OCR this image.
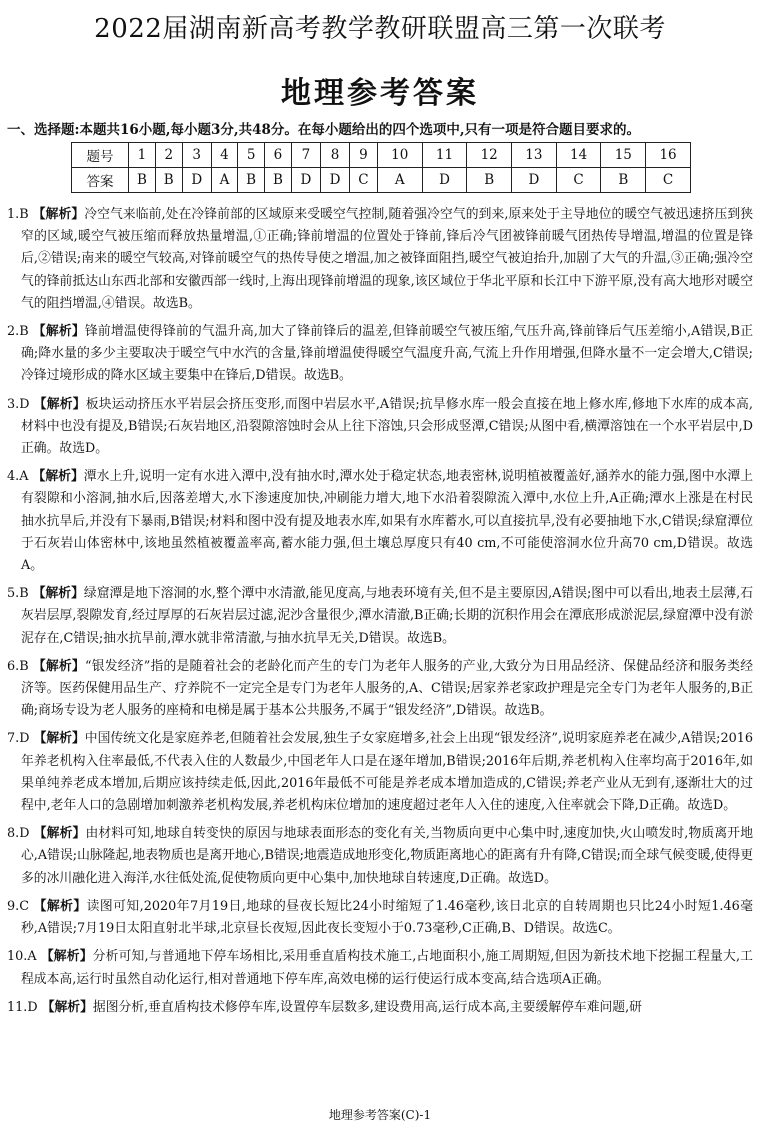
2022届湖南新高考教学教研联盟高三第一次联考
地理参考答案
一、选择题:本题共16小题,每小题3分,共48分。在每小题给出的四个选项中,只有一项是符合题目要求的。
题号	1	2	3	4	5	6	7	8	9	10	11	12	13	14	15	16
答案	B	B	D	A	B	B	D	D	C	A	D	B	D	C	B	C
1.B 【解析】冷空气来临前,处在冷锋前部的区域原来受暖空气控制,随着强冷空气的到来,原来处于主导地位的暖空气被迅速挤压到狭窄的区域,暖空气被压缩而释放热量增温,①正确;锋前增温的位置处于锋前,锋后冷气团被锋前暖气团热传导增温,增温的位置是锋后,②错误;南来的暖空气较高,对锋前暖空气的热传导使之增温,加之被锋面阻挡,暖空气被迫抬升,加剧了大气的升温,③正确;强冷空气的锋前抵达山东西北部和安徽西部一线时,上海出现锋前增温的现象,该区域位于华北平原和长江中下游平原,没有高大地形对暖空气的阻挡增温,④错误。故选B。
2.B 【解析】锋前增温使得锋前的气温升高,加大了锋前锋后的温差,但锋前暖空气被压缩,气压升高,锋前锋后气压差缩小,A错误,B正确;降水量的多少主要取决于暖空气中水汽的含量,锋前增温使得暖空气温度升高,气流上升作用增强,但降水量不一定会增大,C错误;冷锋过境形成的降水区域主要集中在锋后,D错误。故选B。
3.D 【解析】板块运动挤压水平岩层会挤压变形,而图中岩层水平,A错误;抗旱修水库一般会直接在地上修水库,修地下水库的成本高,材料中也没有提及,B错误;石灰岩地区,沿裂隙溶蚀时会从上往下溶蚀,只会形成竖潭,C错误;从图中看,横潭溶蚀在一个水平岩层中,D正确。故选D。
4.A 【解析】潭水上升,说明一定有水进入潭中,没有抽水时,潭水处于稳定状态,地表密林,说明植被覆盖好,涵养水的能力强,图中水潭上有裂隙和小溶洞,抽水后,因落差增大,水下渗速度加快,冲刷能力增大,地下水沿着裂隙流入潭中,水位上升,A正确;潭水上涨是在村民抽水抗旱后,并没有下暴雨,B错误;材料和图中没有提及地表水库,如果有水库蓄水,可以直接抗旱,没有必要抽地下水,C错误;绿窟潭位于石灰岩山体密林中,该地虽然植被覆盖率高,蓄水能力强,但土壤总厚度只有40 cm,不可能使溶洞水位升高70 cm,D错误。故选A。
5.B 【解析】绿窟潭是地下溶洞的水,整个潭中水清澈,能见度高,与地表环境有关,但不是主要原因,A错误;图中可以看出,地表土层薄,石灰岩层厚,裂隙发育,经过厚厚的石灰岩层过滤,泥沙含量很少,潭水清澈,B正确;长期的沉积作用会在潭底形成淤泥层,绿窟潭中没有淤泥存在,C错误;抽水抗旱前,潭水就非常清澈,与抽水抗旱无关,D错误。故选B。
6.B 【解析】“银发经济”指的是随着社会的老龄化而产生的专门为老年人服务的产业,大致分为日用品经济、保健品经济和服务类经济等。医药保健用品生产、疗养院不一定完全是专门为老年人服务的,A、C错误;居家养老家政护理是完全专门为老年人服务的,B正确;商场专设为老人服务的座椅和电梯是属于基本公共服务,不属于“银发经济”,D错误。故选B。
7.D 【解析】中国传统文化是家庭养老,但随着社会发展,独生子女家庭增多,社会上出现“银发经济”,说明家庭养老在减少,A错误;2016年养老机构入住率最低,不代表入住的人数最少,中国老年人口是在逐年增加,B错误;2016年后期,养老机构入住率均高于2016年,如果单纯养老成本增加,后期应该持续走低,因此,2016年最低不可能是养老成本增加造成的,C错误;养老产业从无到有,逐渐壮大的过程中,老年人口的急剧增加刺激养老机构发展,养老机构床位增加的速度超过老年人入住的速度,入住率就会下降,D正确。故选D。
8.D 【解析】由材料可知,地球自转变快的原因与地球表面形态的变化有关,当物质向更中心集中时,速度加快,火山喷发时,物质离开地心,A错误;山脉隆起,地表物质也是离开地心,B错误;地震造成地形变化,物质距离地心的距离有升有降,C错误;而全球气候变暖,使得更多的冰川融化进入海洋,水往低处流,促使物质向更中心集中,加快地球自转速度,D正确。故选D。
9.C 【解析】读图可知,2020年7月19日,地球的昼夜长短比24小时缩短了1.46毫秒,该日北京的自转周期也只比24小时短1.46毫秒,A错误;7月19日太阳直射北半球,北京昼长夜短,因此夜长变短小于0.73毫秒,C正确,B、D错误。故选C。
10.A 【解析】分析可知,与普通地下停车场相比,采用垂直盾构技术施工,占地面积小,施工周期短,但因为新技术地下挖掘工程量大,工程成本高,运行时虽然自动化运行,相对普通地下停车库,高效电梯的运行使运行成本变高,结合选项A正确。
11.D 【解析】据图分析,垂直盾构技术修停车库,设置停车层数多,建设费用高,运行成本高,主要缓解停车难问题,研
地理参考答案(C)-1
